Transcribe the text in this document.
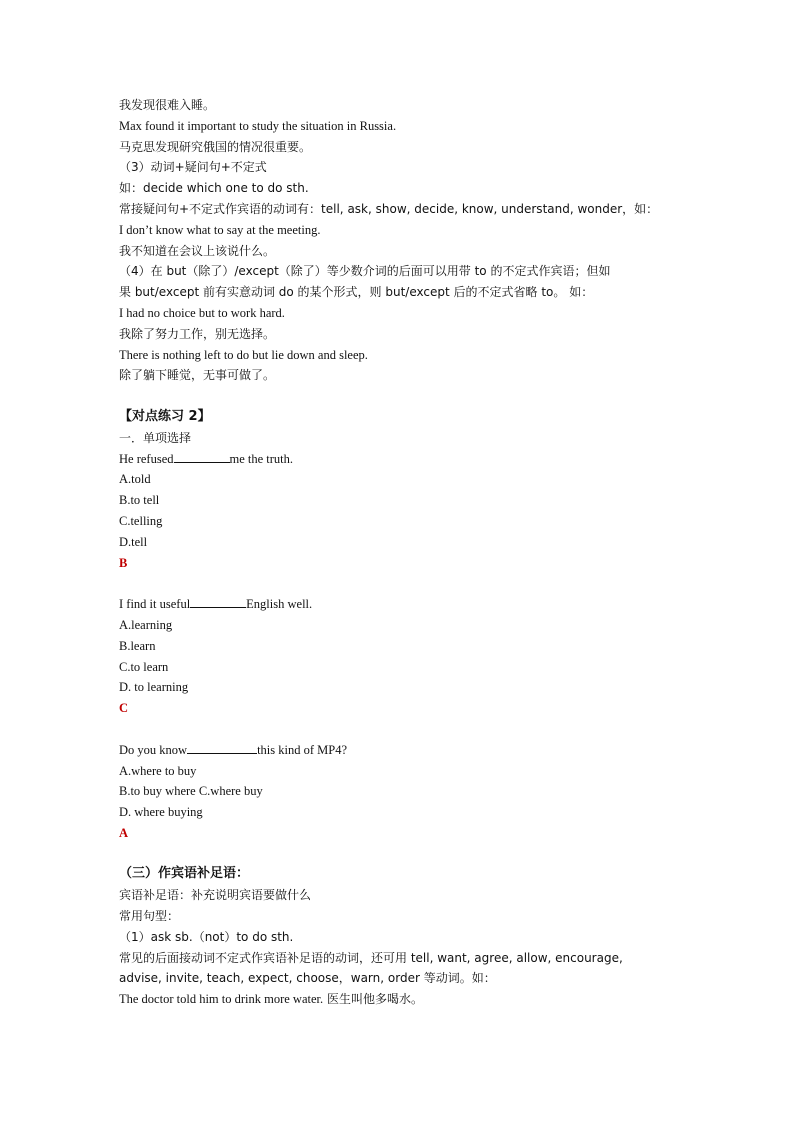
我发现很难入睡。
Max found it important to study the situation in Russia.
马克思发现研究俄国的情况很重要。
（3）动词+疑问句+不定式
如：decide which one to do sth.
常接疑问句+不定式作宾语的动词有：tell, ask, show, decide, know, understand, wonder，如：
I don’t know what to say at the meeting.
我不知道在会议上该说什么。
（4）在 but（除了）/except（除了）等少数介词的后面可以用带 to 的不定式作宾语；但如
果 but/except 前有实意动词 do 的某个形式，则 but/except 后的不定式省略 to。 如：
I had no choice but to work hard.
我除了努力工作，别无选择。
There is nothing left to do but lie down and sleep.
除了躺下睡觉，无事可做了。
【对点练习 2】
一．单项选择
He refused	me the truth.
A.told
B.to tell
C.telling
D.tell
B
I find it useful	English well.
A.learning
B.learn
C.to learn
D. to learning
C
Do you know	this kind of MP4?
A.where to buy
B.to buy where C.where buy
D. where buying
A
（三）作宾语补足语：
宾语补足语：补充说明宾语要做什么
常用句型：
（1）ask sb.（not）to do sth.
常见的后面接动词不定式作宾语补足语的动词，还可用 tell, want, agree, allow, encourage,
advise, invite, teach, expect, choose，warn, order 等动词。如：
The doctor told him to drink more water. 医生叫他多喝水。
